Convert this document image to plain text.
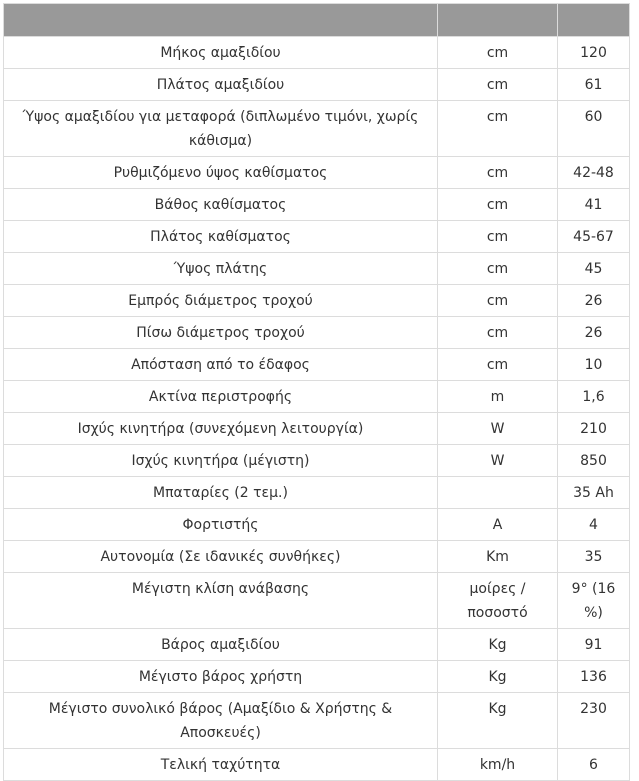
Μήκος αμαξιδίου	cm	120
Πλάτος αμαξιδίου	cm	61
Ύψος αμαξιδίου για μεταφορά (διπλωμένο τιμόνι, χωρίς κάθισμα)	cm	60
Ρυθμιζόμενο ύψος καθίσματος	cm	42-48
Βάθος καθίσματος	cm	41
Πλάτος καθίσματος	cm	45-67
Ύψος πλάτης	cm	45
Εμπρός διάμετρος τροχού	cm	26
Πίσω διάμετρος τροχού	cm	26
Απόσταση από το έδαφος	cm	10
Ακτίνα περιστροφής	m	1,6
Ισχύς κινητήρα (συνεχόμενη λειτουργία)	W	210
Ισχύς κινητήρα (μέγιστη)	W	850
Μπαταρίες (2 τεμ.)		35 Ah
Φορτιστής	A	4
Αυτονομία (Σε ιδανικές συνθήκες)	Km	35
Μέγιστη κλίση ανάβασης	μοίρες / ποσοστό	9° (16 %)
Βάρος αμαξιδίου	Kg	91
Μέγιστο βάρος χρήστη	Kg	136
Μέγιστο συνολικό βάρος (Αμαξίδιο & Χρήστης & Αποσκευές)	Kg	230
Τελική ταχύτητα	km/h	6
